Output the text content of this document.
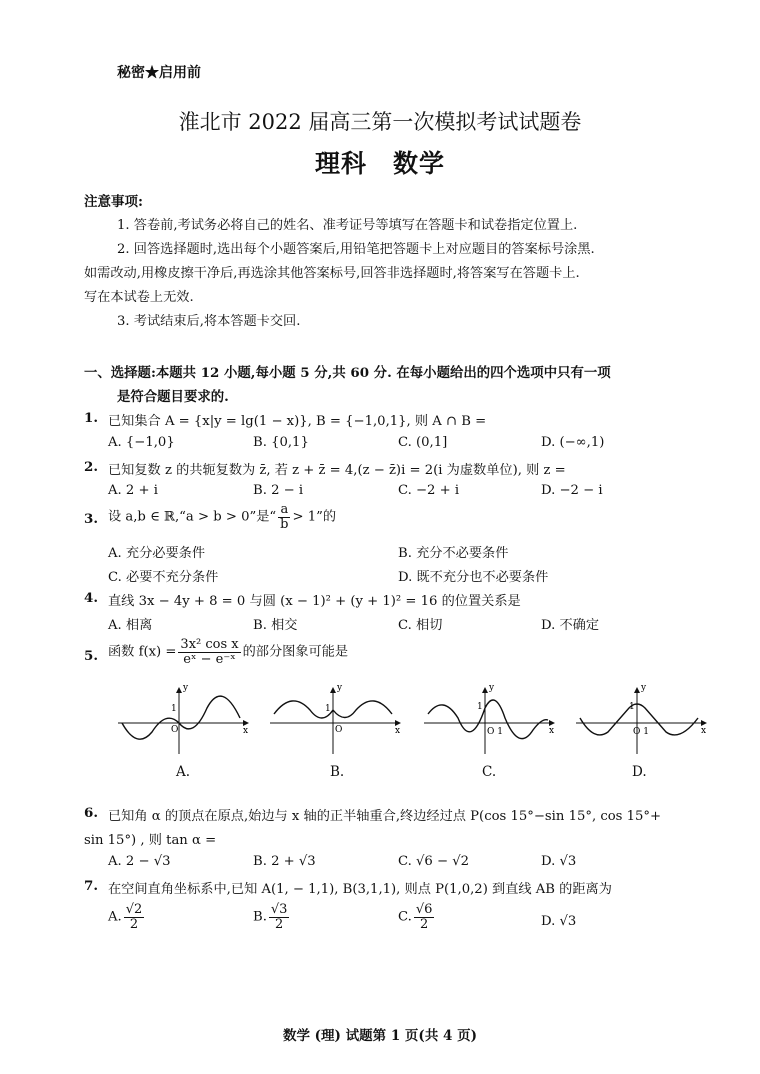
秘密★启用前
淮北市 2022 届高三第一次模拟考试试题卷
理科　数学
注意事项:
1. 答卷前,考试务必将自己的姓名、准考证号等填写在答题卡和试卷指定位置上.
2. 回答选择题时,选出每个小题答案后,用铅笔把答题卡上对应题目的答案标号涂黑.
如需改动,用橡皮擦干净后,再选涂其他答案标号,回答非选择题时,将答案写在答题卡上.
写在本试卷上无效.
3. 考试结束后,将本答题卡交回.
一、选择题:本题共 12 小题,每小题 5 分,共 60 分. 在每小题给出的四个选项中只有一项
是符合题目要求的.
1. 已知集合 A = {x|y = lg(1 − x)}, B = {−1,0,1}, 则 A ∩ B =
A. {−1,0}	B. {0,1}	C. (0,1]	D. (−∞,1)
2. 已知复数 z 的共轭复数为 z̄, 若 z + z̄ = 4,(z − z̄)i = 2(i 为虚数单位), 则 z =
A. 2 + i	B. 2 − i	C. −2 + i	D. −2 − i
3. 设 a,b ∈ ℝ,“a > b > 0”是“ $\frac{a}{b} > 1$”的
A. 充分必要条件	B. 充分不必要条件
C. 必要不充分条件	D. 既不充分也不必要条件
4. 直线 3x − 4y + 8 = 0 与圆 (x − 1)² + (y + 1)² = 16 的位置关系是
A. 相离	B. 相交	C. 相切	D. 不确定
5. 函数 $f(x) = \frac{\text{3x² cos x}}{\text{eˣ − e⁻ˣ}}$ 的部分图象可能是
y
x
1
O
y
x
1
O
y
x
1
O 1
y
x
1
O 1
A.	B.	C.	D.
6. 已知角 α 的顶点在原点,始边与 x 轴的正半轴重合,终边经过点 P(cos 15°−sin 15°, cos 15°+
sin 15°) , 则 tan α =
A. 2 − √3	B. 2 + √3	C. √6 − √2	D. √3
7. 在空间直角坐标系中,已知 A(1, − 1,1), B(3,1,1), 则点 P(1,0,2) 到直线 AB 的距离为
A. $\frac{√2}{2}$	B. $\frac{√3}{2}$	C. $\frac{√6}{2}$	D. √3
数学 (理) 试题第 1 页(共 4 页)
